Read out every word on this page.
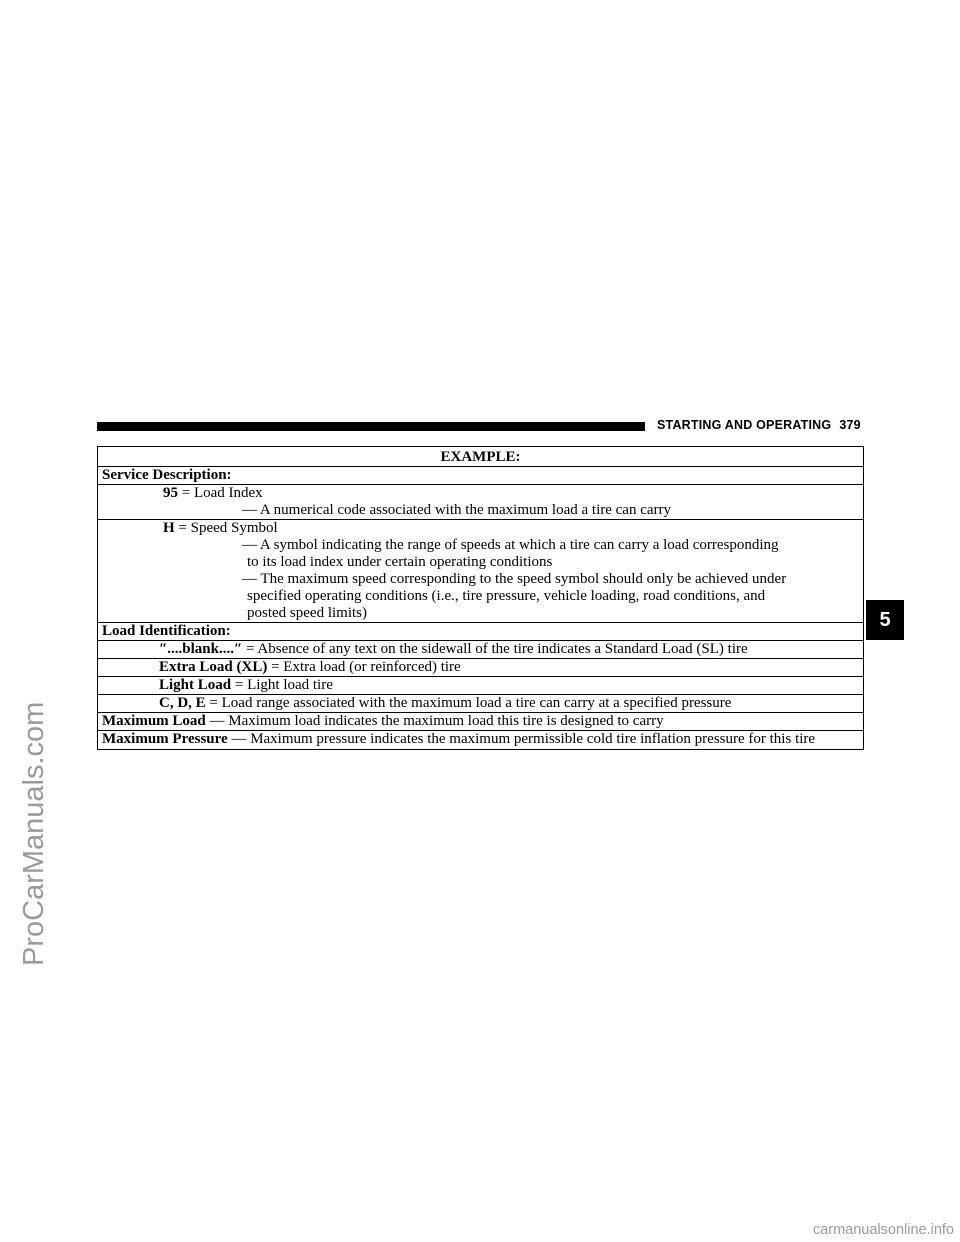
STARTING AND OPERATING 379
5
ProCarManuals.com
carmanualsonline.info
EXAMPLE:
Service Description:
95 = Load Index
— A numerical code associated with the maximum load a tire can carry
H = Speed Symbol
— A symbol indicating the range of speeds at which a tire can carry a load corresponding
to its load index under certain operating conditions
— The maximum speed corresponding to the speed symbol should only be achieved under
specified operating conditions (i.e., tire pressure, vehicle loading, road conditions, and
posted speed limits)
Load Identification:
″....blank....″ = Absence of any text on the sidewall of the tire indicates a Standard Load (SL) tire
Extra Load (XL) = Extra load (or reinforced) tire
Light Load = Light load tire
C, D, E = Load range associated with the maximum load a tire can carry at a specified pressure
Maximum Load — Maximum load indicates the maximum load this tire is designed to carry
Maximum Pressure — Maximum pressure indicates the maximum permissible cold tire inflation pressure for this tire
